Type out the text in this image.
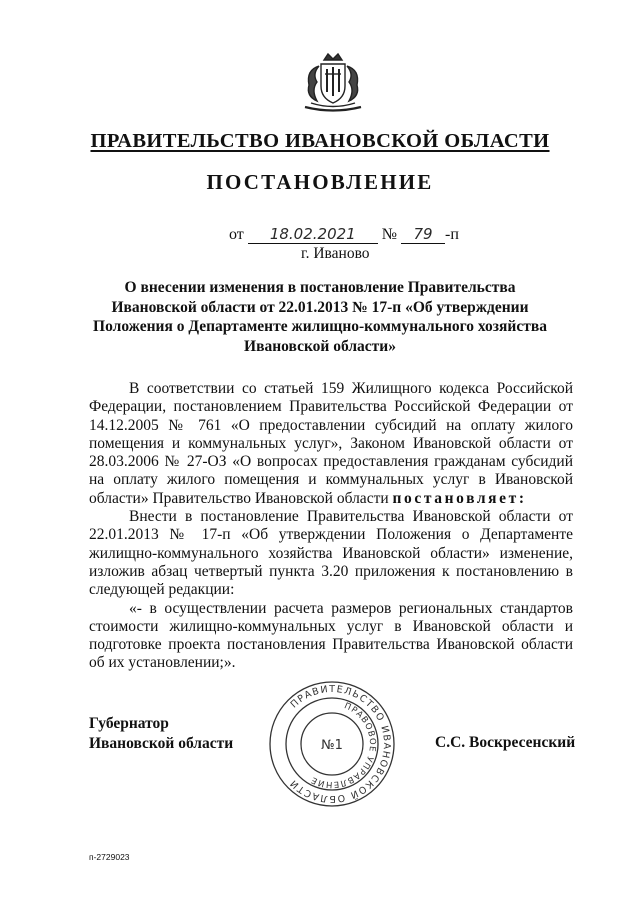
ПРАВИТЕЛЬСТВО ИВАНОВСКОЙ ОБЛАСТИ
ПОСТАНОВЛЕНИЕ
от 18.02.2021 № 79 -п
г. Иваново
О внесении изменения в постановление Правительства Ивановской области от 22.01.2013 № 17-п «Об утверждении Положения о Департаменте жилищно-коммунального хозяйства Ивановской области»

В соответствии со статьей 159 Жилищного кодекса Российской Федерации, постановлением Правительства Российской Федерации от 14.12.2005 № 761 «О предоставлении субсидий на оплату жилого помещения и коммунальных услуг», Законом Ивановской области от 28.03.2006 № 27-ОЗ «О вопросах предоставления гражданам субсидий на оплату жилого помещения и коммунальных услуг в Ивановской области» Правительство Ивановской области постановляет:

Внести в постановление Правительства Ивановской области от 22.01.2013 № 17-п «Об утверждении Положения о Департаменте жилищно-коммунального хозяйства Ивановской области» изменение, изложив абзац четвертый пункта 3.20 приложения к постановлению в следующей редакции:

«- в осуществлении расчета размеров региональных стандартов стоимости жилищно-коммунальных услуг в Ивановской области и подготовке проекта постановления Правительства Ивановской области об их установлении;».

Губернатор
Ивановской области
ПРАВИТЕЛЬСТВО ИВАНОВСКОЙ ОБЛАСТИ
ПРАВОВОЕ УПРАВЛЕНИЕ
№1	С.С. Воскресенский
п-2729023
